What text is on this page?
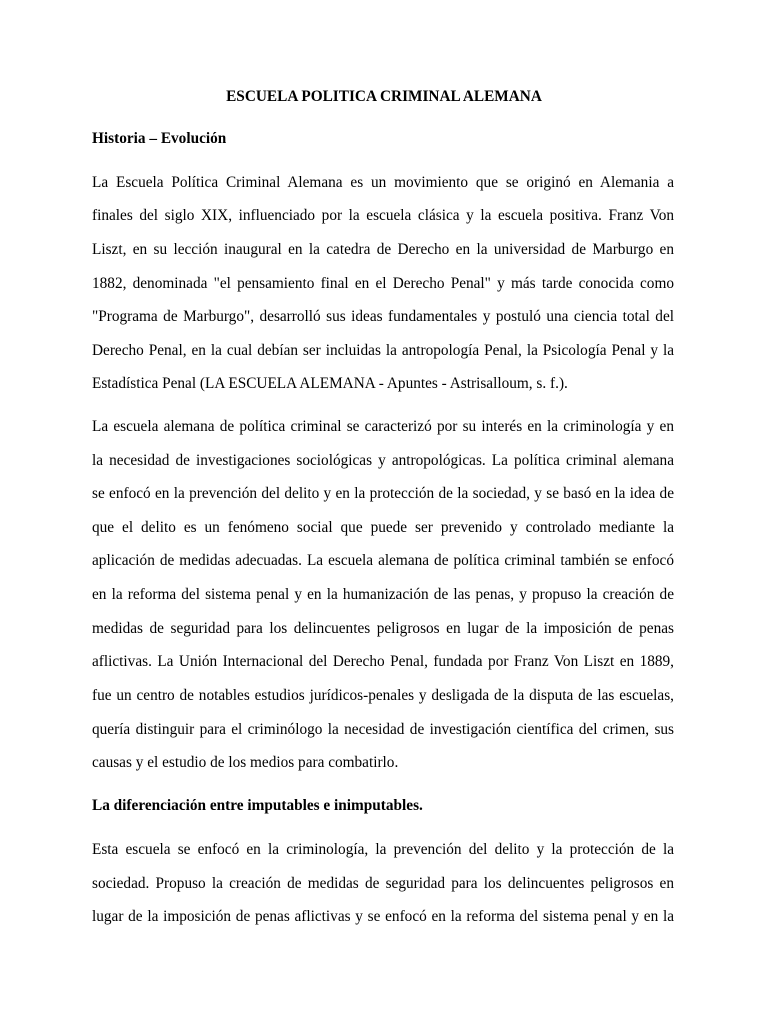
ESCUELA POLITICA CRIMINAL ALEMANA
Historia – Evolución
La Escuela Política Criminal Alemana es un movimiento que se originó en Alemania a
finales del siglo XIX, influenciado por la escuela clásica y la escuela positiva. Franz Von
Liszt, en su lección inaugural en la catedra de Derecho en la universidad de Marburgo en
1882, denominada "el pensamiento final en el Derecho Penal" y más tarde conocida como
"Programa de Marburgo", desarrolló sus ideas fundamentales y postuló una ciencia total del
Derecho Penal, en la cual debían ser incluidas la antropología Penal, la Psicología Penal y la
Estadística Penal (LA ESCUELA ALEMANA - Apuntes - Astrisalloum, s. f.).
La escuela alemana de política criminal se caracterizó por su interés en la criminología y en
la necesidad de investigaciones sociológicas y antropológicas. La política criminal alemana
se enfocó en la prevención del delito y en la protección de la sociedad, y se basó en la idea de
que el delito es un fenómeno social que puede ser prevenido y controlado mediante la
aplicación de medidas adecuadas. La escuela alemana de política criminal también se enfocó
en la reforma del sistema penal y en la humanización de las penas, y propuso la creación de
medidas de seguridad para los delincuentes peligrosos en lugar de la imposición de penas
aflictivas. La Unión Internacional del Derecho Penal, fundada por Franz Von Liszt en 1889,
fue un centro de notables estudios jurídicos-penales y desligada de la disputa de las escuelas,
quería distinguir para el criminólogo la necesidad de investigación científica del crimen, sus
causas y el estudio de los medios para combatirlo.
La diferenciación entre imputables e inimputables.
Esta escuela se enfocó en la criminología, la prevención del delito y la protección de la
sociedad. Propuso la creación de medidas de seguridad para los delincuentes peligrosos en
lugar de la imposición de penas aflictivas y se enfocó en la reforma del sistema penal y en la
